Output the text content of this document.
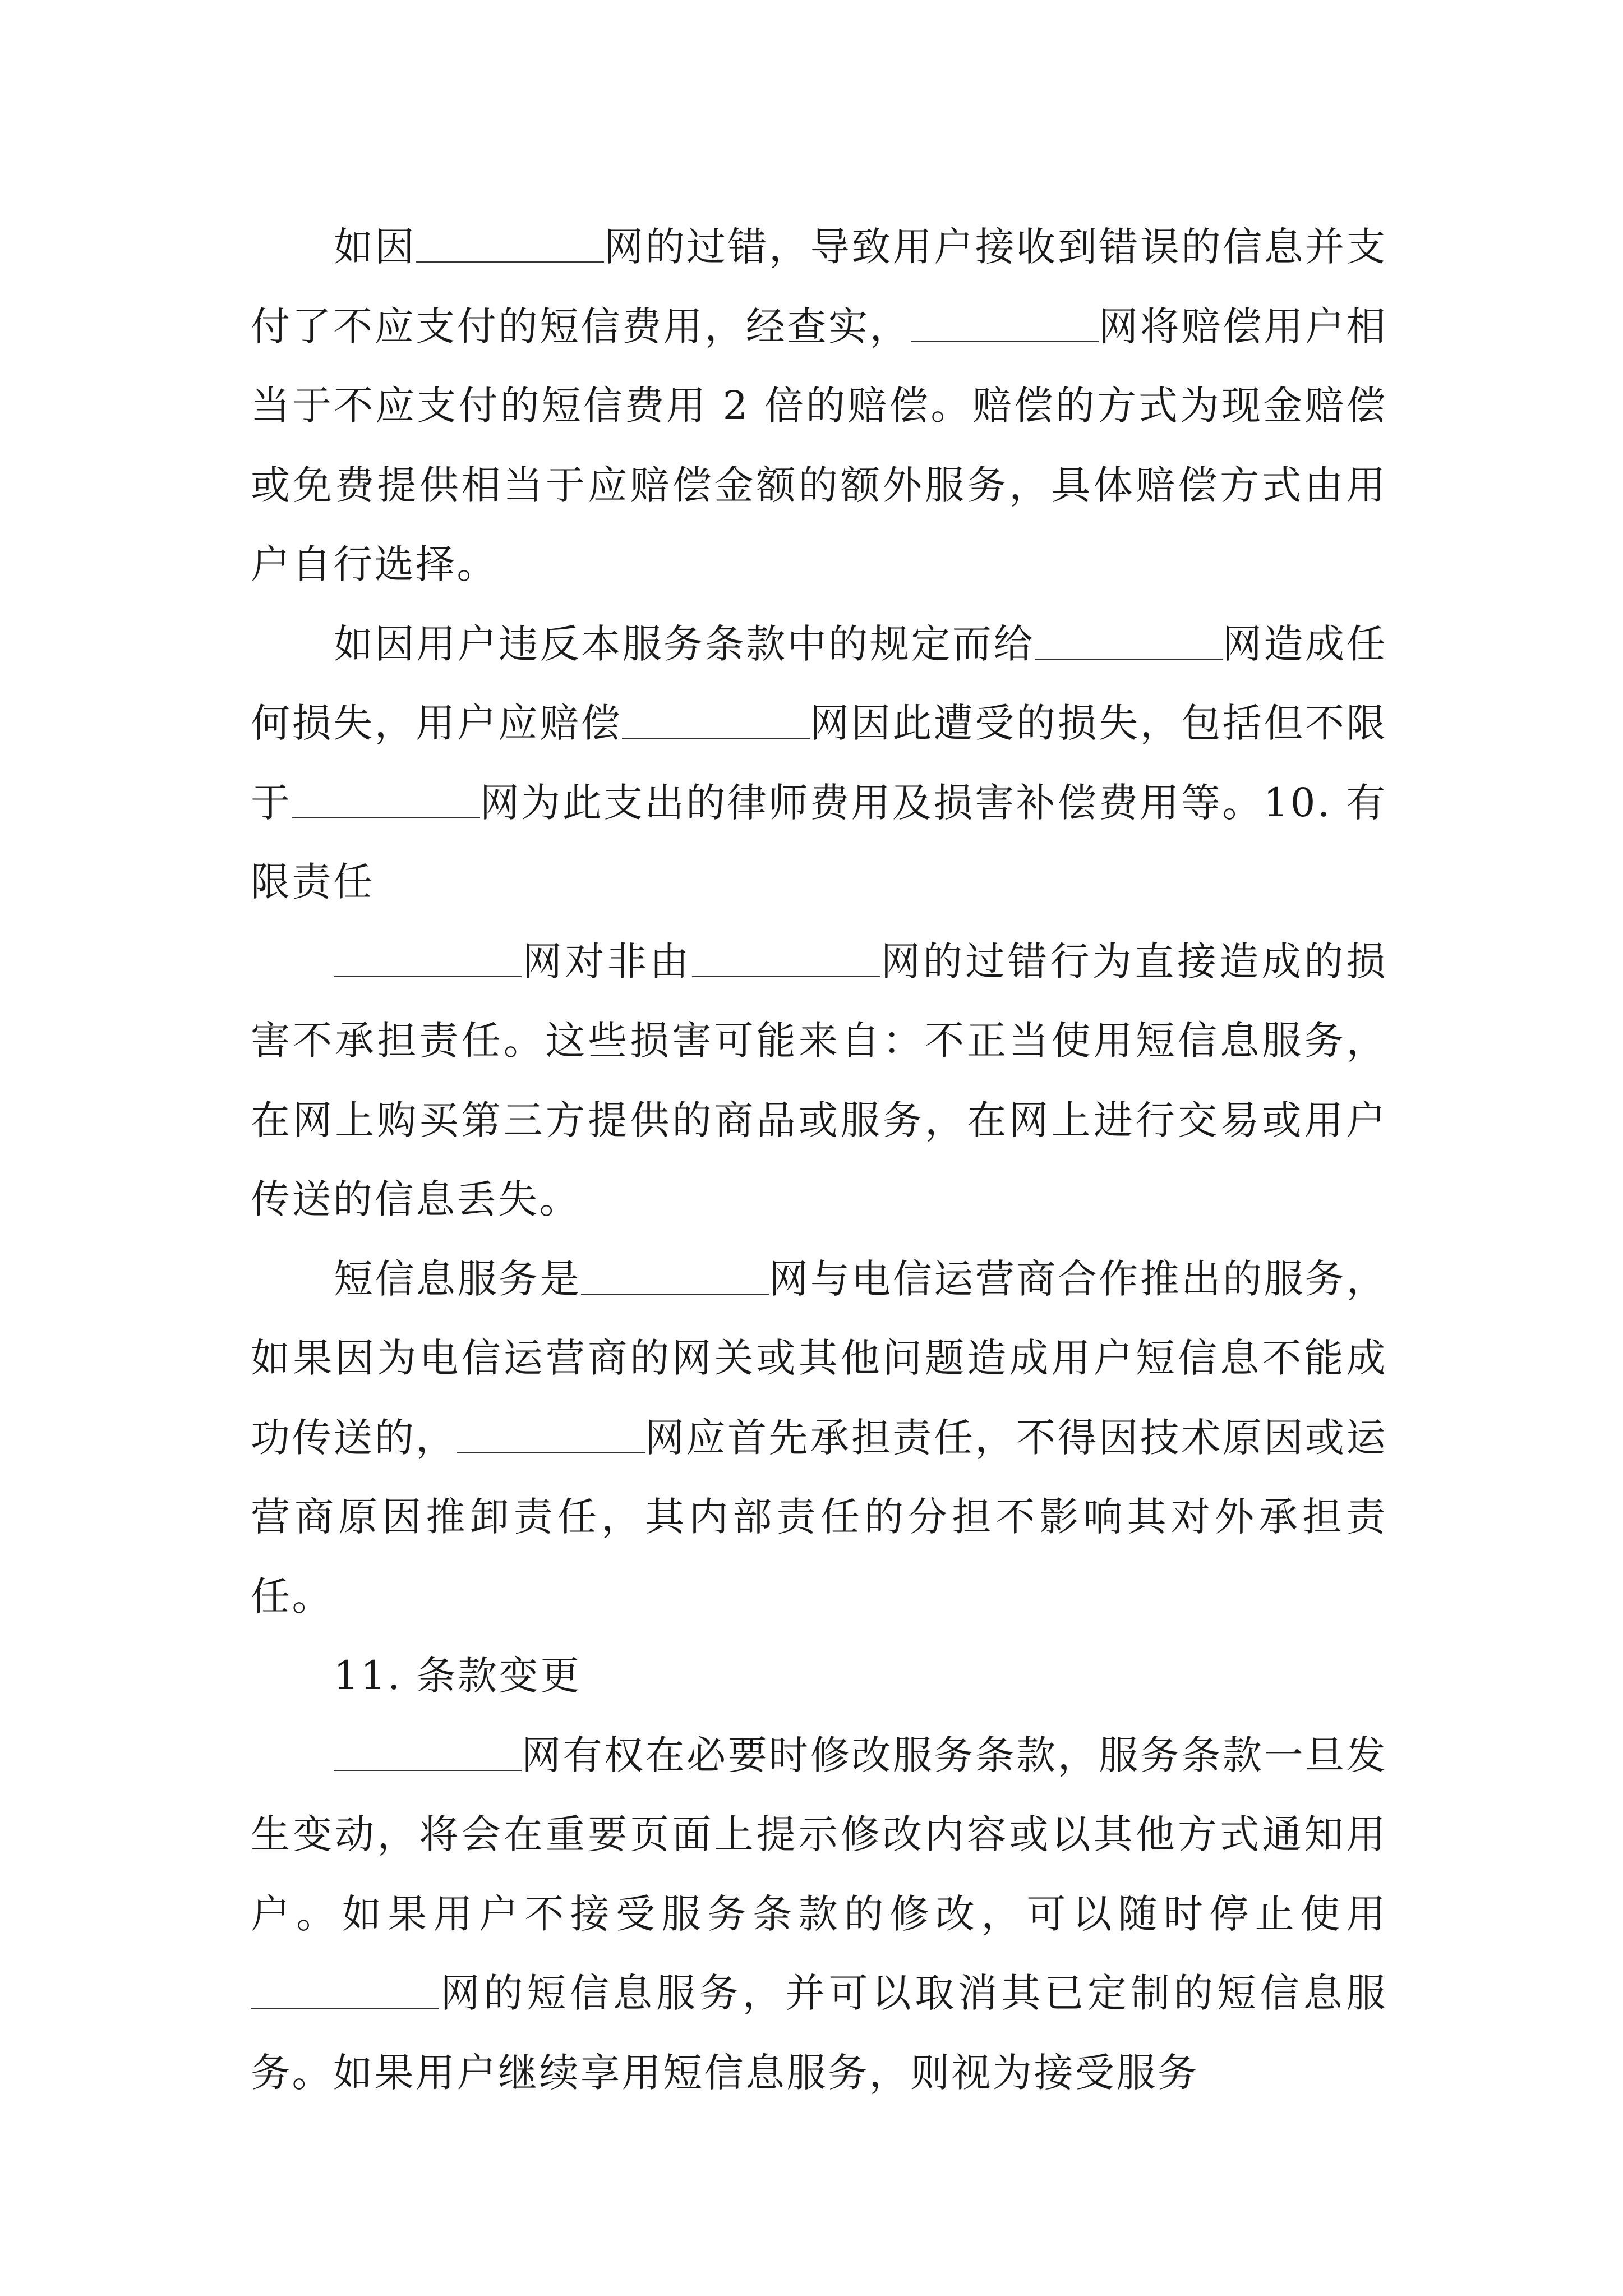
如因	网的过错，导致用户接收到错误的信息并支付了不应支付的短信费用，经查实，	网将赔偿用户相当于不应支付的短信费用 2 倍的赔偿。赔偿的方式为现金赔偿或免费提供相当于应赔偿金额的额外服务，具体赔偿方式由用户自行选择。

如因用户违反本服务条款中的规定而给	网造成任何损失，用户应赔偿	网因此遭受的损失，包括但不限于	网为此支出的律师费用及损害补偿费用等。10. 有限责任

网对非由	网的过错行为直接造成的损害不承担责任。这些损害可能来自：不正当使用短信息服务，在网上购买第三方提供的商品或服务，在网上进行交易或用户传送的信息丢失。

短信息服务是	网与电信运营商合作推出的服务，如果因为电信运营商的网关或其他问题造成用户短信息不能成功传送的，	网应首先承担责任，不得因技术原因或运营商原因推卸责任，其内部责任的分担不影响其对外承担责任。

11. 条款变更

网有权在必要时修改服务条款，服务条款一旦发生变动，将会在重要页面上提示修改内容或以其他方式通知用户。如果用户不接受服务条款的修改，可以随时停止使用网的短信息服务，并可以取消其已定制的短信息服务。如果用户继续享用短信息服务，则视为接受服务
